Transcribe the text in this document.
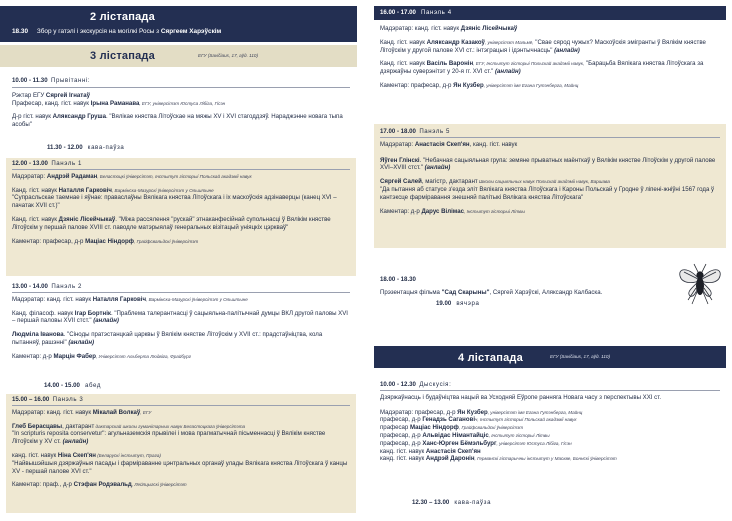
2 лістапада
18.30 Збор у гатэлі і экскурсія на могілкі Росы з Сяргеем Харэўскім
3 лістапада	ЕГУ (Savičiaus, 17, аўд. 110)
10.00 - 11.30
Прывітанні:

Рэктар ЕГУ Сяргей Ігнатаў

Прафесар, канд. гіст. навук Ірына Раманава, ЕГУ, універсітэт Юстуса Лібіга, Гісэн

Д-р гіст. навук Аляксандр Груша. "Вялікае княства Літоўскае на мяжы XV і XVI стагоддзяў. Нараджэнне новага тыпа асобы"

11.30 - 12.00 кава-паўза
12.00 - 13.00
Панэль 1

Мадэратар: Андрэй Радаман, Беластоцкі ўніверсітэт, Інстытут гісторыі Польскай акадэміі навук

Канд. гіст. навук Наталля Гарковіч, Вармінска-Мазурскі ўніверсітэт у Ольштыне

"Супрасльскае таемнае і яўнае: праваслаўны Вялікага княства Літоўскага і іх маскоўскія адзінаверцы (канец XVI – пачатак XVII ст.)"

Канд. гіст. навук Дзяніс Лісейчыкаў. "Міжа рассялення "рускай" этнаканфесійнай супольнасці ў Вялікім княстве Літоўскім у першай палове XVIII ст. паводле матэрыялаў генеральных візітацый уніяцкіх цэркваў"

Каментар: прафесар, д-р Мацiас Ніндорф, Грайфсвальдскі ўніверсітэт

13.00 - 14.00
Панэль 2

Мадэратар: канд. гіст. навук Наталля Гарковіч, Вармінска-Мазурскі ўніверсітэт у Ольштыне

Канд. філасоф. навук Ігар Бортнік. "Праблема талерантнасці ў сацыяльна-палітычнай думцы ВКЛ другой паловы XVI – першай паловы XVII стст." (анлайн)

Людміла Іванова. "Сіноды пратэстанцкай царквы ў Вялікім княстве Літоўскім у XVII ст.: прадстаўніцтва, кола пытанняў, рашэнні" (анлайн)

Каментар: д-р Марцін Фабер, Універсітэт Альберта Людвіга, Фрайбург

14.00 - 15.00 абед
15.00 – 16.00
Панэль 3

Мадэратар: канд. гіст. навук Мікалай Волкаў, ЕГУ

Глеб Берасцавы, дактарант дактарскай школы гуманітарных навук Беластоцкага ўніверсітэта

"In scripturis reposita conservetur": агульназемскія прывілеі і мова прагматычнай пісьменнасці ў Вялікім княстве Літоўскім у XV ст. (анлайн)

канд. гіст. навук Ніна Скеп'ян (Беларускі інстытут, Прага)

"Найвышэйшыя дзяржаўныя пасады і фарміраванне цэнтральных органаў улады Вялікага княства Літоўскага ў канцы XV - першай палове XVI ст."

Каментар: праф., д-р Стэфан Родэвальд, Лейпцыгскі ўніверсітэт

16.00 - 17.00 Панэль 4

Мадэратар: канд. гіст. навук Дзяніс Лісейчыкаў

Канд. гіст. навук Аляксандр Казакоў, універсітэт Мальмё, "Свае сярод чужых? Маскоўскія эмігранты ў Вялікім княстве Літоўскім у другой палове XVI ст.: інтэграцыя і ідэнтычнасць" (анлайн)

Канд. гіст. навук Васіль Варонін, ЕГУ, Інстытут гісторыі Польскай акадэміі навук, "Барацьба Вялікага княства Літоўскага за дзяржаўны суверэнітэт у 20-я гг. XVI ст." (анлайн)

Каментар: прафесар, д-р Ян Кузбер, універсітэт імя Егана Гутэнберга, Майнц

17.00 - 18.00
Панэль 5

Мадэратар: Анастасія Скеп'ян, канд. гіст. навук

Яўген Глінскі. "Небачная сацыяльная група: земяне прыватных маёнткаў у Вялікім княстве Літоўскім у другой палове XVI–XVIII стст." (анлайн)

Сяргей Салей, магістр, дактарант Школы сацыяльных навук Польскай акадэміі навук, Варшава

"Да пытання аб статусе з'езда эліт Вялікага княства Літоўскага і Кароны Польскай у Гродне ў ліпені-жніўні 1567 года ў кантэксце фарміравання знешняй палітыкі Вялікага княства Літоўскага"

Каментар: д-р Дарус Вілімас, Інстытут гісторыі Літвы

18.00 - 18.30

Прэзентацыя фільма "Сад Скарыны", Сяргей Харэўскі, Аляксандр Калбаска.

19.00 вячэра
4 лістапада	ЕГУ (Savičiaus, 17, аўд. 110)
10.00 - 12.30
Дыскусія:

Дзяржаўнасць і будаўніцтва нацый ва Усходняй Еўропе ранняга Новага часу з перспектывы XXI ст.

Мадэратар: прафесар, д-р Ян Кузбер, універсітэт імя Егана Гутэнберга, Майнц

прафесар, д-р Генадзь Сагановіч, Інстытут гісторыі Польскай акадэміі навук

прафесар Мацiас Ніндорф, Грайфсвальдскі ўніверсітэт

прафесар, д-р Альвідас Німантайціс, Інстытут гісторыі Літвы

прафесар, д-р Ханс-Юрген Бёмэльбург, універсітэт Юстуса Лібіга, Гісэн

канд. гіст. навук Анастасія Скеп'ян

канд. гіст. навук Андрэй Даронін, Германскі гістарычны інстытут у Маскве, Боннскі ўніверсітэт

12.30 – 13.00 кава-паўза
